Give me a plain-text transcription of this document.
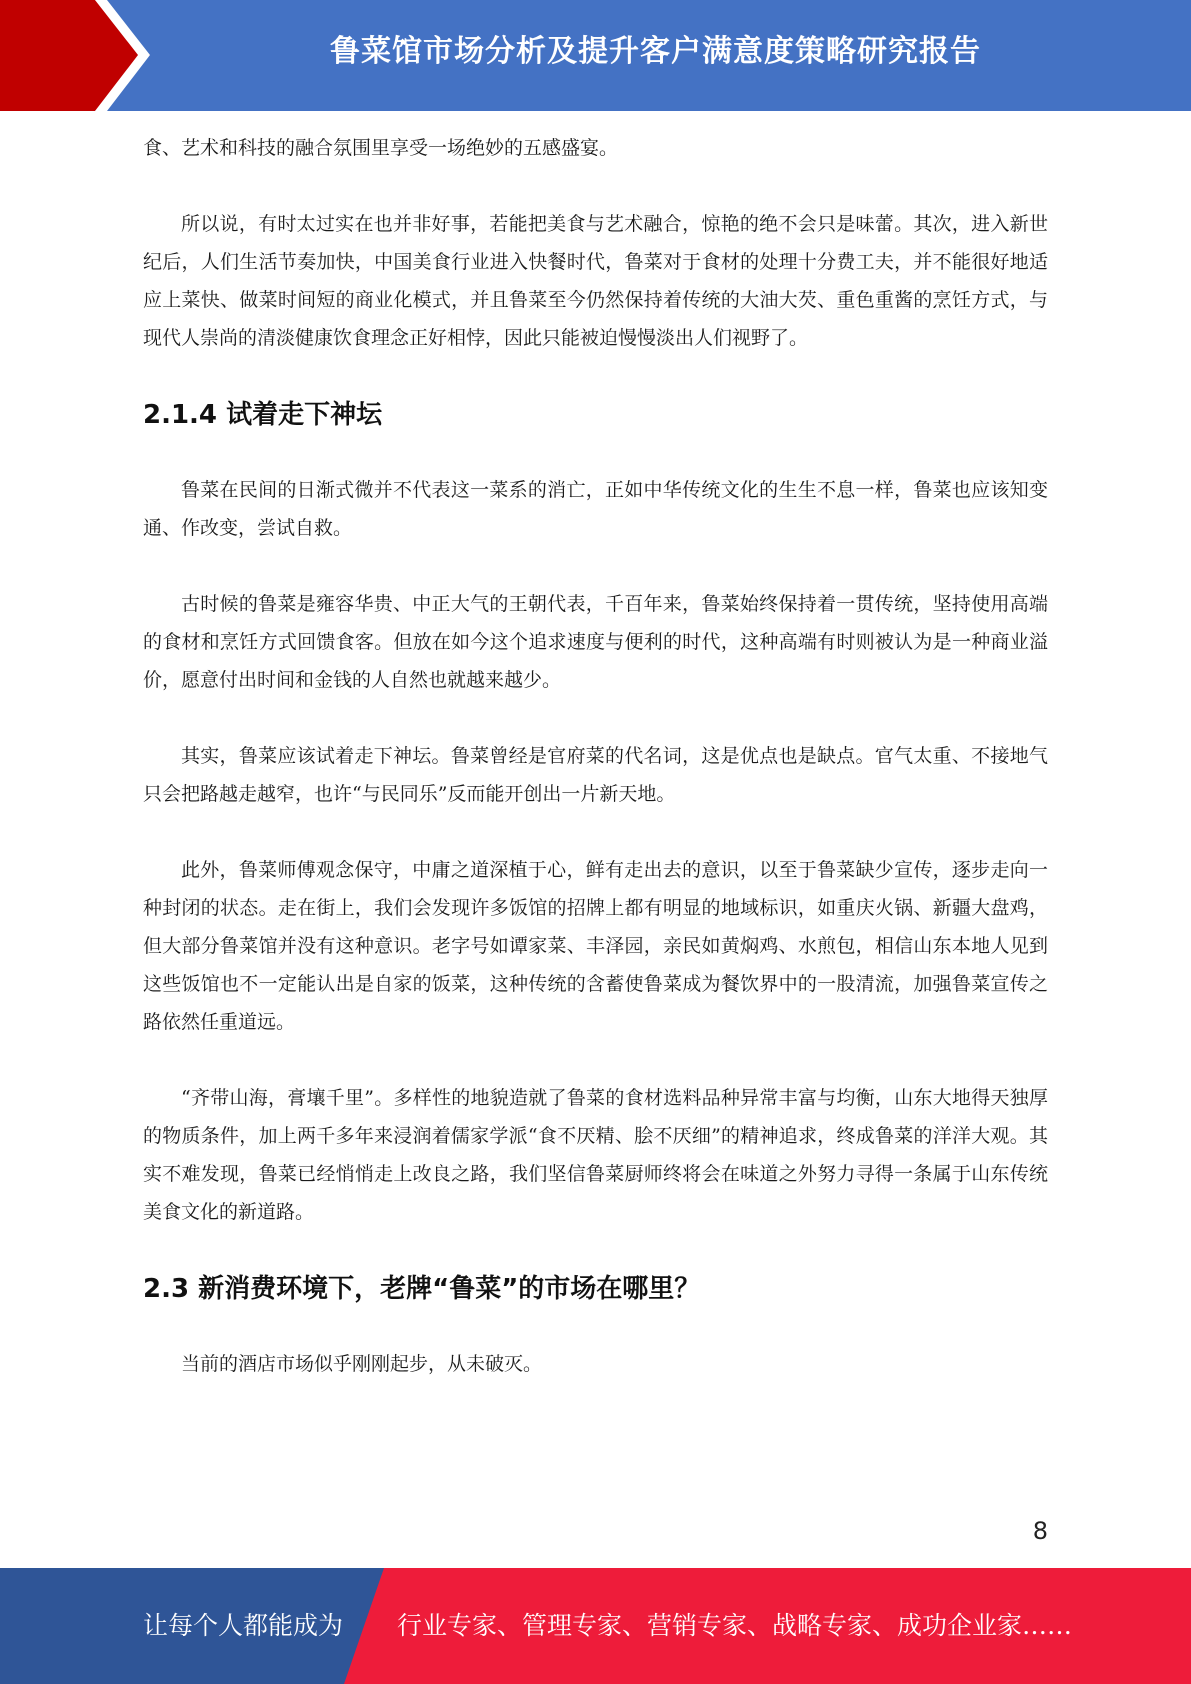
鲁菜馆市场分析及提升客户满意度策略研究报告

食、艺术和科技的融合氛围里享受一场绝妙的五感盛宴。

所以说，有时太过实在也并非好事，若能把美食与艺术融合，惊艳的绝不会只是味蕾。其次，进入新世纪后，人们生活节奏加快，中国美食行业进入快餐时代，鲁菜对于食材的处理十分费工夫，并不能很好地适应上菜快、做菜时间短的商业化模式，并且鲁菜至今仍然保持着传统的大油大芡、重色重酱的烹饪方式，与现代人崇尚的清淡健康饮食理念正好相悖，因此只能被迫慢慢淡出人们视野了。

2.1.4 试着走下神坛

鲁菜在民间的日渐式微并不代表这一菜系的消亡，正如中华传统文化的生生不息一样，鲁菜也应该知变通、作改变，尝试自救。

古时候的鲁菜是雍容华贵、中正大气的王朝代表，千百年来，鲁菜始终保持着一贯传统，坚持使用高端的食材和烹饪方式回馈食客。但放在如今这个追求速度与便利的时代，这种高端有时则被认为是一种商业溢价，愿意付出时间和金钱的人自然也就越来越少。

其实，鲁菜应该试着走下神坛。鲁菜曾经是官府菜的代名词，这是优点也是缺点。官气太重、不接地气只会把路越走越窄，也许“与民同乐”反而能开创出一片新天地。

此外，鲁菜师傅观念保守，中庸之道深植于心，鲜有走出去的意识，以至于鲁菜缺少宣传，逐步走向一种封闭的状态。走在街上，我们会发现许多饭馆的招牌上都有明显的地域标识，如重庆火锅、新疆大盘鸡，但大部分鲁菜馆并没有这种意识。老字号如谭家菜、丰泽园，亲民如黄焖鸡、水煎包，相信山东本地人见到这些饭馆也不一定能认出是自家的饭菜，这种传统的含蓄使鲁菜成为餐饮界中的一股清流，加强鲁菜宣传之路依然任重道远。

“齐带山海，膏壤千里”。多样性的地貌造就了鲁菜的食材选料品种异常丰富与均衡，山东大地得天独厚的物质条件，加上两千多年来浸润着儒家学派“食不厌精、脍不厌细”的精神追求，终成鲁菜的洋洋大观。其实不难发现，鲁菜已经悄悄走上改良之路，我们坚信鲁菜厨师终将会在味道之外努力寻得一条属于山东传统美食文化的新道路。

2.3 新消费环境下，老牌“鲁菜”的市场在哪里？

当前的酒店市场似乎刚刚起步，从未破灭。

8
让每个人都能成为 行业专家、管理专家、营销专家、战略专家、成功企业家……
